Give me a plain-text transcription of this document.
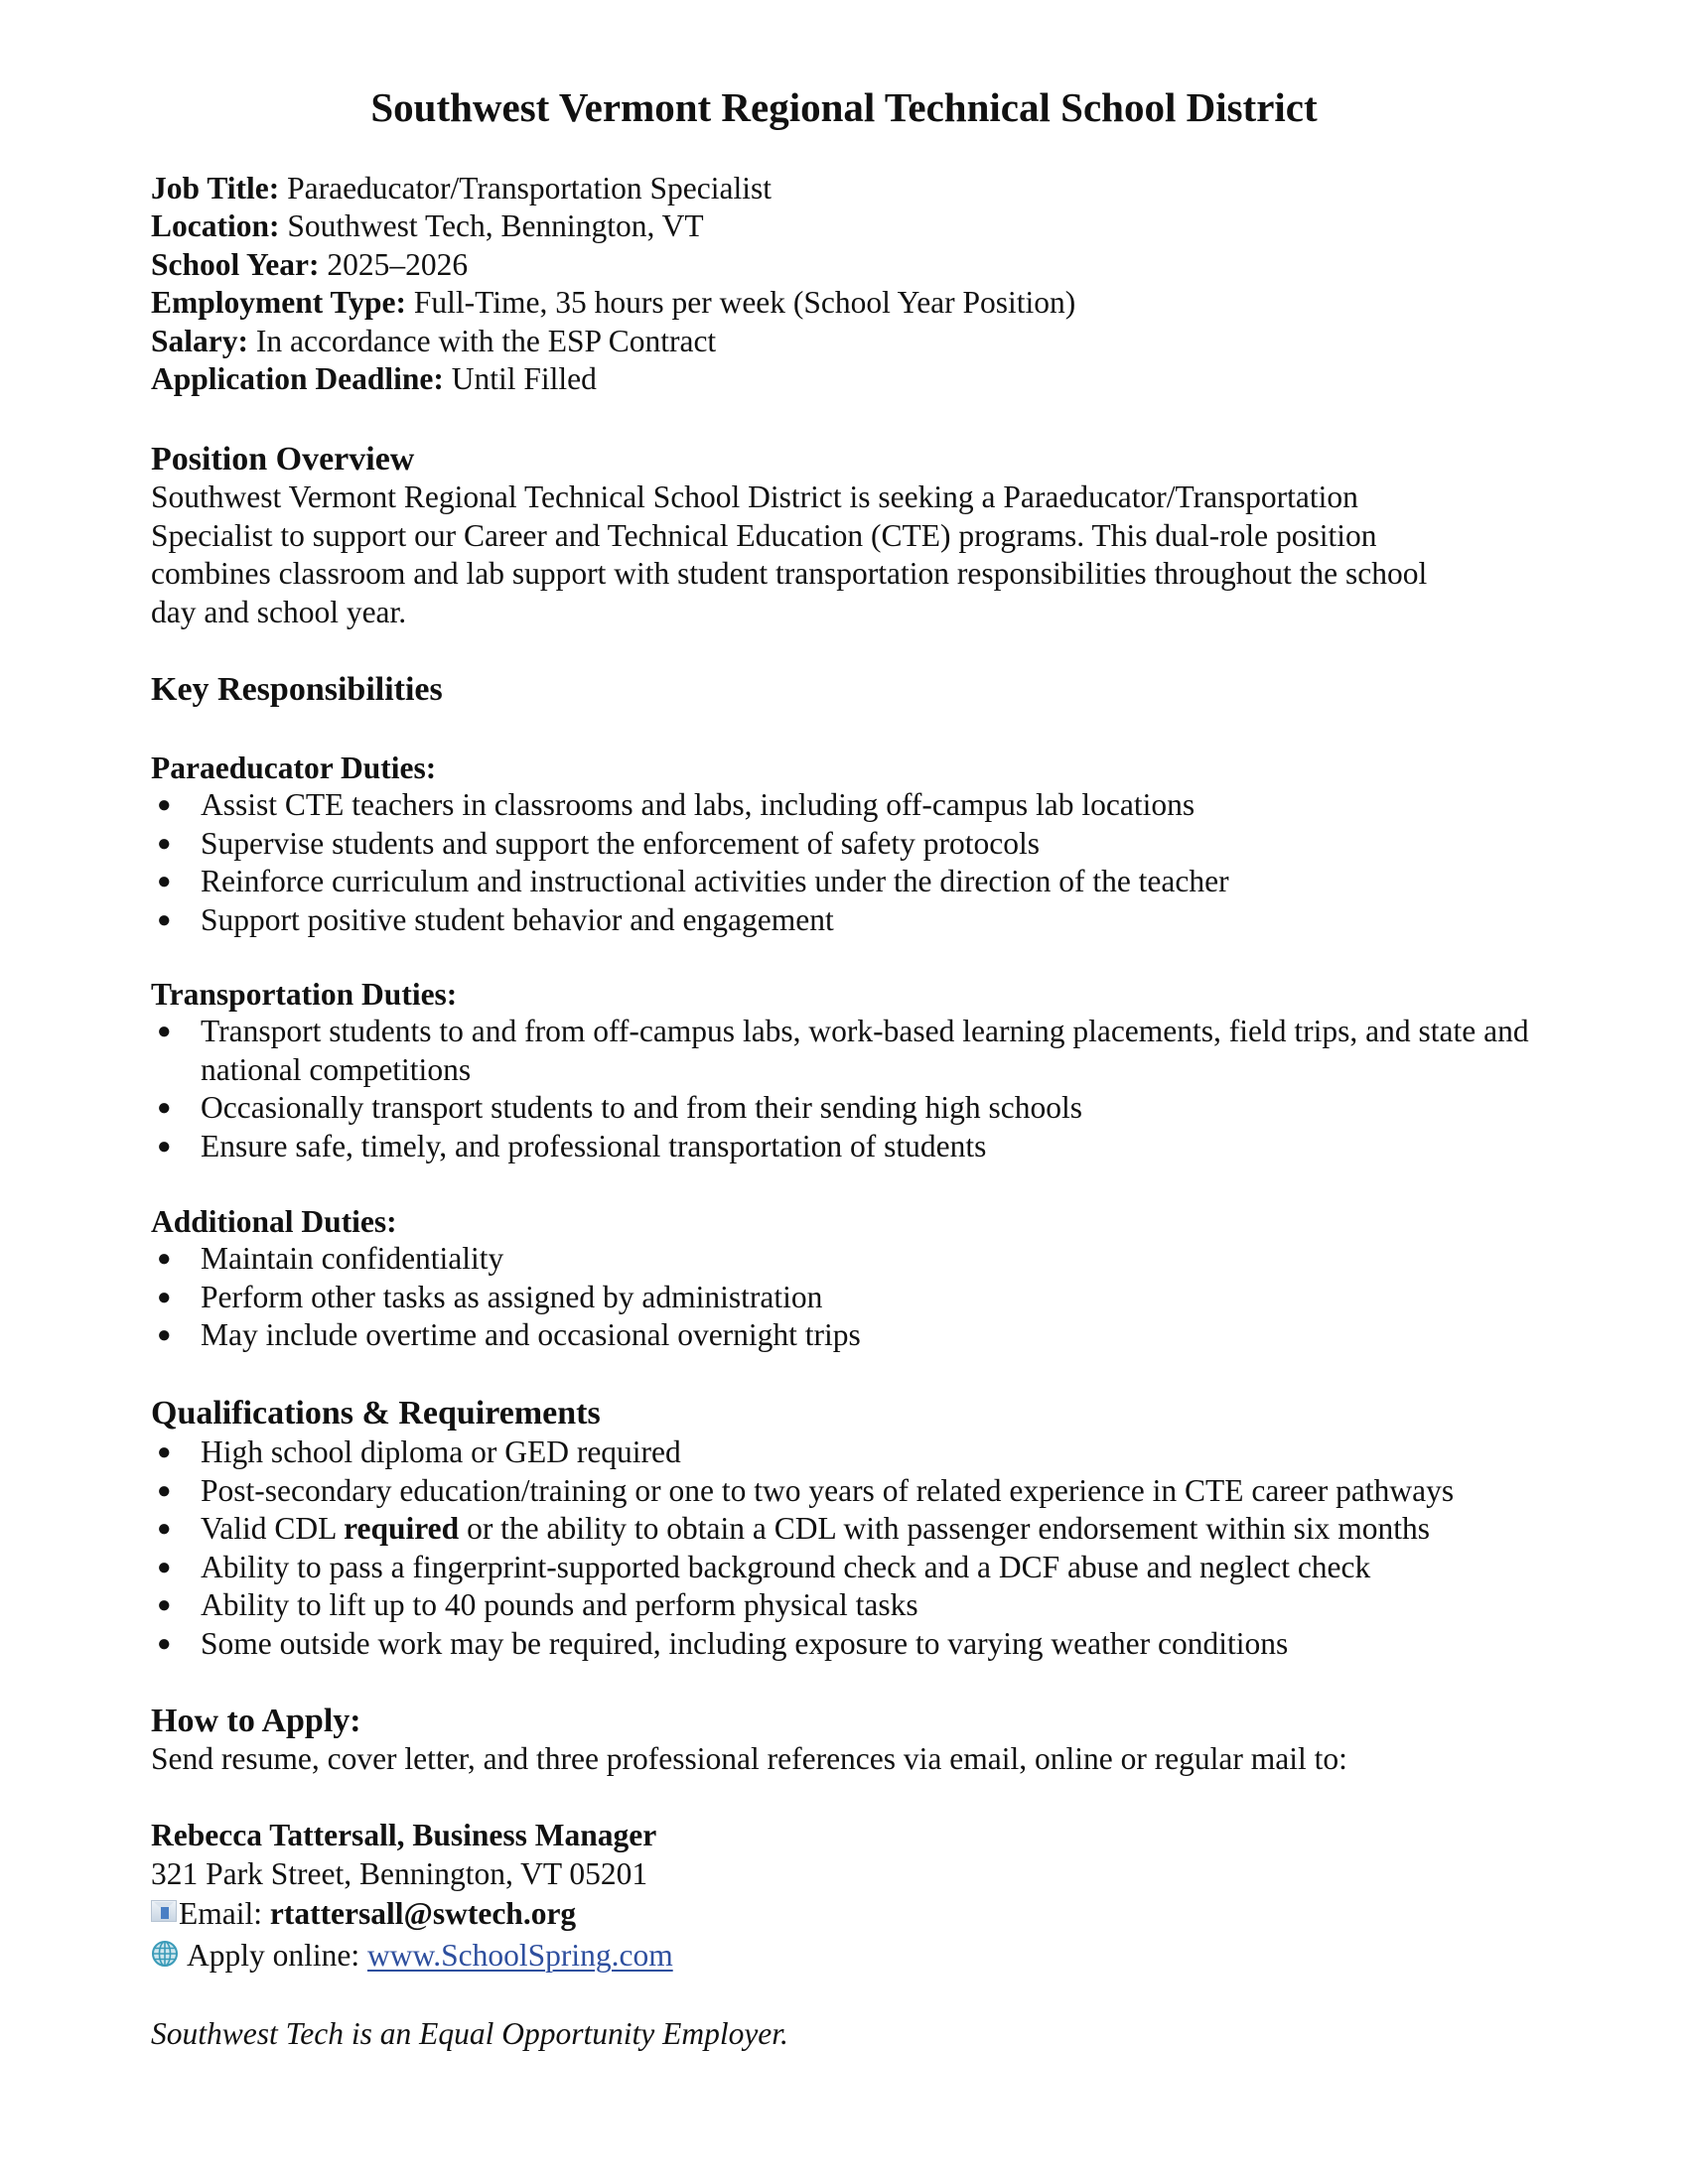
Southwest Vermont Regional Technical School District
Job Title: Paraeducator/Transportation Specialist
Location: Southwest Tech, Bennington, VT
School Year: 2025–2026
Employment Type: Full-Time, 35 hours per week (School Year Position)
Salary: In accordance with the ESP Contract
Application Deadline: Until Filled
Position Overview
Southwest Vermont Regional Technical School District is seeking a Paraeducator/Transportation
Specialist to support our Career and Technical Education (CTE) programs. This dual-role position
combines classroom and lab support with student transportation responsibilities throughout the school
day and school year.
Key Responsibilities
Paraeducator Duties:
● Assist CTE teachers in classrooms and labs, including off-campus lab locations
● Supervise students and support the enforcement of safety protocols
● Reinforce curriculum and instructional activities under the direction of the teacher
● Support positive student behavior and engagement
Transportation Duties:
● Transport students to and from off-campus labs, work-based learning placements, field trips, and state and national competitions
● Occasionally transport students to and from their sending high schools
● Ensure safe, timely, and professional transportation of students
Additional Duties:
● Maintain confidentiality
● Perform other tasks as assigned by administration
● May include overtime and occasional overnight trips
Qualifications & Requirements
● High school diploma or GED required
● Post-secondary education/training or one to two years of related experience in CTE career pathways
● Valid CDL required or the ability to obtain a CDL with passenger endorsement within six months
● Ability to pass a fingerprint-supported background check and a DCF abuse and neglect check
● Ability to lift up to 40 pounds and perform physical tasks
● Some outside work may be required, including exposure to varying weather conditions
How to Apply:
Send resume, cover letter, and three professional references via email, online or regular mail to:
Rebecca Tattersall, Business Manager
321 Park Street, Bennington, VT 05201
Email: rtattersall@swtech.org
Apply online: www.SchoolSpring.com
Southwest Tech is an Equal Opportunity Employer.
